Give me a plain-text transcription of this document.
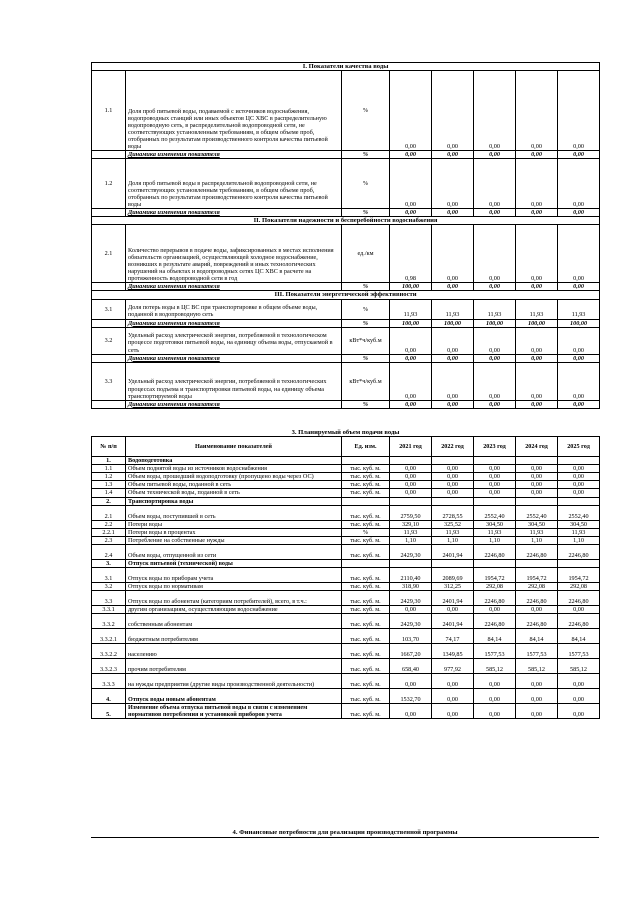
I. Показатели качества воды							
1.1	Доля проб питьевой воды, подаваемой с источников водоснабжения, водопроводных станций или иных объектов ЦС ХВС в распределительную водопроводную сеть, в распределительной водопроводной сети, не соответствующих установленным требованиям, в общем объеме проб, отобранных по результатам производственного контроля качества питьевой воды	%	0,00	0,00	0,00	0,00	0,00
	Динамика изменения показателя	%	0,00	0,00	0,00	0,00	0,00
1.2	Доля проб питьевой воды в распределительной водопроводной сети, не соответствующих установленным требованиям, в общем объеме проб, отобранных по результатам производственного контроля качества питьевой воды	%	0,00	0,00	0,00	0,00	0,00
	Динамика изменения показателя	%	0,00	0,00	0,00	0,00	0,00
II. Показатели надежности и бесперебойности водоснабжения							
2.1	Количество перерывов в подаче воды, зафиксированных в местах исполнения обязательств организацией, осуществляющей холодное водоснабжение, возникших в результате аварий, повреждений и иных технологических нарушений на объектах и водопроводных сетях ЦС ХВС в расчете на протяженность водопроводной сети в год	ед./км	0,98	0,00	0,00	0,00	0,00
	Динамика изменения показателя	%	100,00	0,00	0,00	0,00	0,00
III. Показатели энергетической эффективности							
3.1	Доля потерь воды в ЦС ВС при транспортировке в общем объеме воды, поданной в водопроводную сеть	%	11,93	11,93	11,93	11,93	11,93
	Динамика изменения показателя	%	100,00	100,00	100,00	100,00	100,00
3.2	Удельный расход электрической энергии, потребляемой в технологическом процессе подготовки питьевой воды, на единицу объема воды, отпускаемой в сеть	кВт*ч/куб.м	0,00	0,00	0,00	0,00	0,00
	Динамика изменения показателя	%	0,00	0,00	0,00	0,00	0,00
3.3	Удельный расход электрической энергии, потребляемой в технологических процессах подъема и транспортировки питьевой воды, на единицу объема транспортируемой воды	кВт*ч/куб.м	0,00	0,00	0,00	0,00	0,00
	Динамика изменения показателя	%	0,00	0,00	0,00	0,00	0,00
3. Планируемый объем подачи воды							
№ п/п	Наименование показателей	Ед. изм.	2021 год	2022 год	2023 год	2024 год	2025 год
1.	Водоподготовка						
1.1	Объем поднятой воды из источников водоснабжения	тыс. куб. м.	0,00	0,00	0,00	0,00	0,00
1.2	Объем воды, прошедший водоподготовку (пропущено воды через ОС)	тыс. куб. м.	0,00	0,00	0,00	0,00	0,00
1.3	Объем питьевой воды, поданной в сеть	тыс. куб. м.	0,00	0,00	0,00	0,00	0,00
1.4	Объем технической воды, поданной в сеть	тыс. куб. м.	0,00	0,00	0,00	0,00	0,00
2.	Транспортировка воды						
2.1	Объем воды, поступившей в сеть	тыс. куб. м.	2759,50	2728,55	2552,40	2552,40	2552,40
2.2	Потери воды	тыс. куб. м.	329,10	325,52	304,50	304,50	304,50
2.2.1	Потери воды в процентах	%	11,93	11,93	11,93	11,93	11,93
2.3	Потребление на собственные нужды	тыс. куб. м.	1,10	1,10	1,10	1,10	1,10
2.4	Объем воды, отпущенной из сети	тыс. куб. м.	2429,30	2401,94	2246,80	2246,80	2246,80
3.	Отпуск питьевой (технической) воды						
3.1	Отпуск воды по приборам учета	тыс. куб. м.	2110,40	2089,69	1954,72	1954,72	1954,72
3.2	Отпуск воды по нормативам	тыс. куб. м.	318,90	312,25	292,08	292,08	292,08
3.3	Отпуск воды по абонентам (категориям потребителей), всего, в т.ч.:	тыс. куб. м.	2429,30	2401,94	2246,80	2246,80	2246,80
3.3.1	другим организациям, осуществляющим водоснабжение	тыс. куб. м.	0,00	0,00	0,00	0,00	0,00
3.3.2	собственным абонентам	тыс. куб. м.	2429,30	2401,94	2246,80	2246,80	2246,80
3.3.2.1	бюджетным потребителям	тыс. куб. м.	103,70	74,17	84,14	84,14	84,14
3.3.2.2	населению	тыс. куб. м.	1667,20	1349,85	1577,53	1577,53	1577,53
3.3.2.3	прочим потребителям	тыс. куб. м.	658,40	977,92	585,12	585,12	585,12
3.3.3	на нужды предприятия (другие виды производственной деятельности)	тыс. куб. м.	0,00	0,00	0,00	0,00	0,00
4.	Отпуск воды новым абонентам	тыс. куб. м.	1532,70	0,00	0,00	0,00	0,00
5.	Изменение объема отпуска питьевой воды в связи с изменением нормативов потребления и установкой приборов учета	тыс. куб. м.	0,00	0,00	0,00	0,00	0,00
4. Финансовые потребности для реализации производственной программы
